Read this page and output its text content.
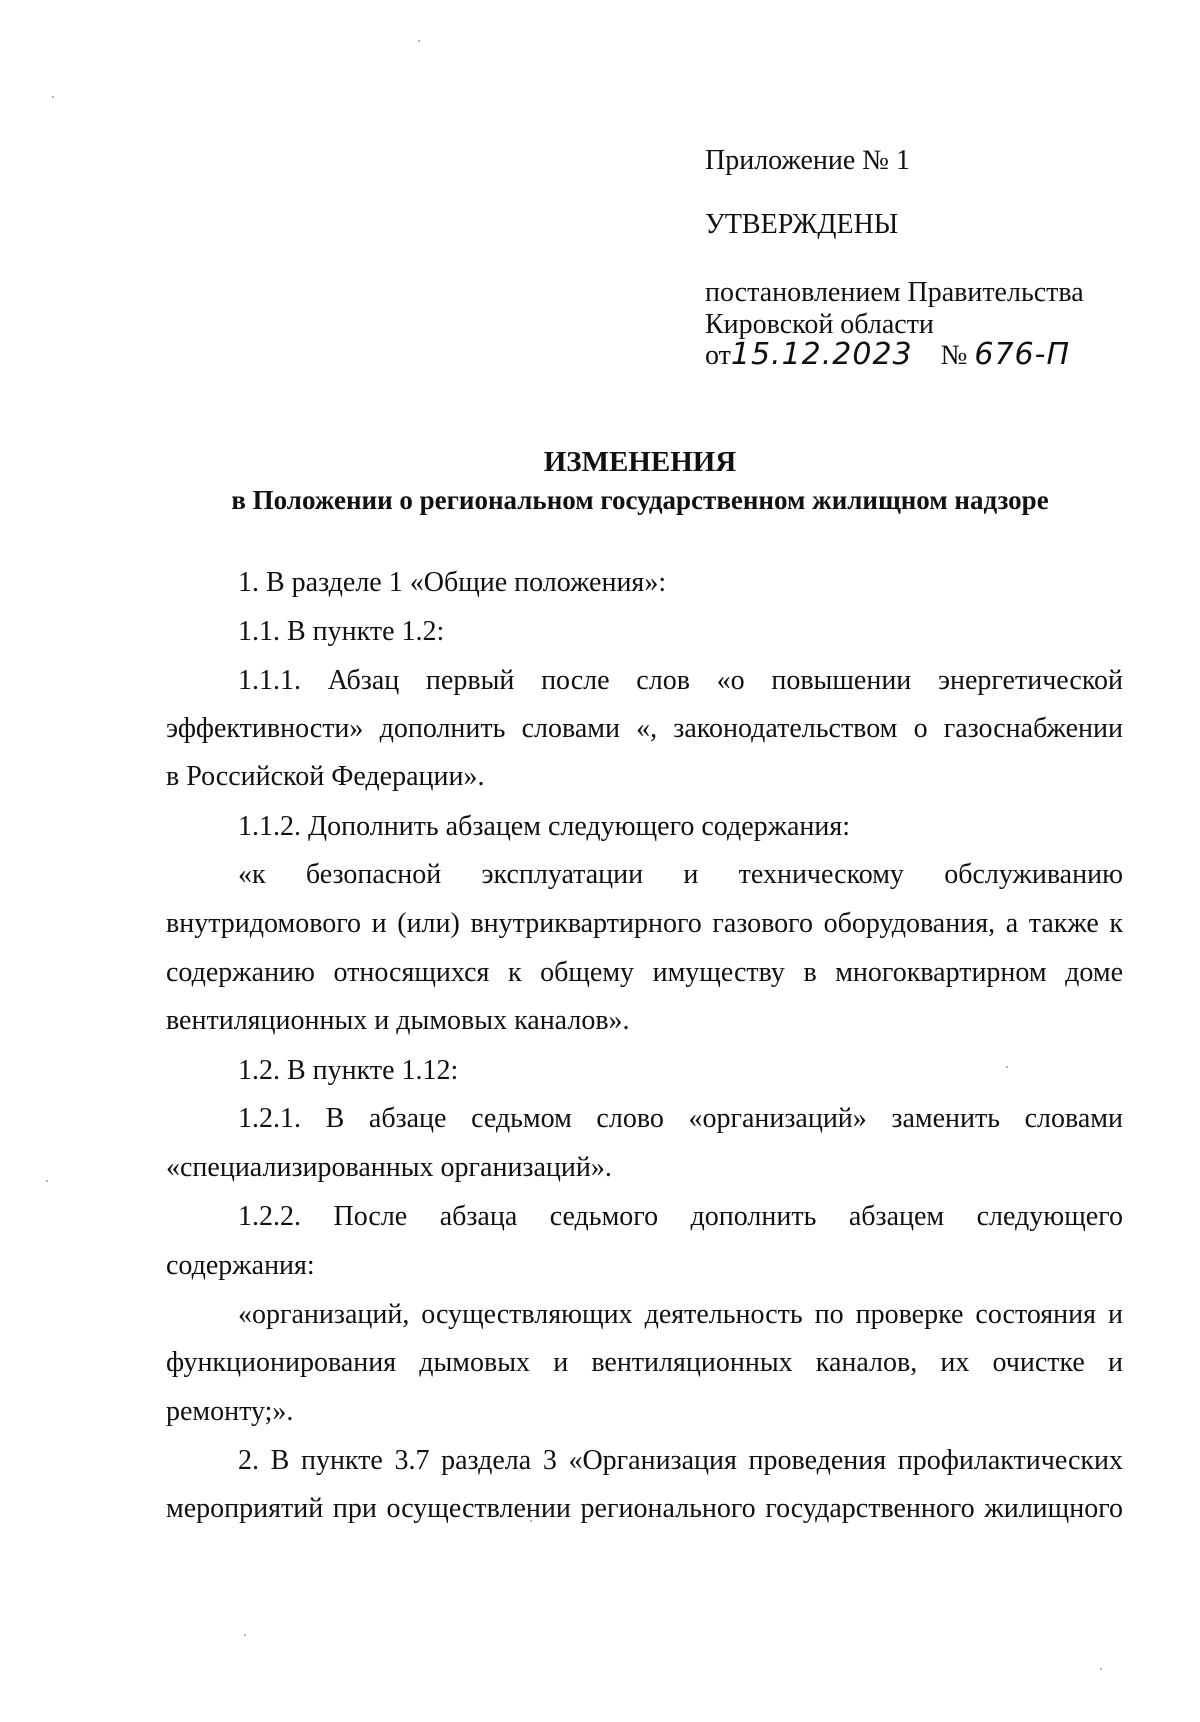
Приложение № 1
УТВЕРЖДЕНЫ
постановлением Правительства
Кировской области
от15.12.2023 № 676-П
ИЗМЕНЕНИЯ
в Положении о региональном государственном жилищном надзоре
1. В разделе 1 «Общие положения»:
1.1. В пункте 1.2:
1.1.1. Абзац первый после слов «о повышении энергетической
эффективности» дополнить словами «, законодательством о газоснабжении
в Российской Федерации».
1.1.2. Дополнить абзацем следующего содержания:
«к безопасной эксплуатации и техническому обслуживанию
внутридомового и (или) внутриквартирного газового оборудования, а также к
содержанию относящихся к общему имуществу в многоквартирном доме
вентиляционных и дымовых каналов».
1.2. В пункте 1.12:
1.2.1. В абзаце седьмом слово «организаций» заменить словами
«специализированных организаций».
1.2.2. После абзаца седьмого дополнить абзацем следующего
содержания:
«организаций, осуществляющих деятельность по проверке состояния и
функционирования дымовых и вентиляционных каналов, их очистке и
ремонту;».
2. В пункте 3.7 раздела 3 «Организация проведения профилактических
мероприятий при осуществлении регионального государственного жилищного
